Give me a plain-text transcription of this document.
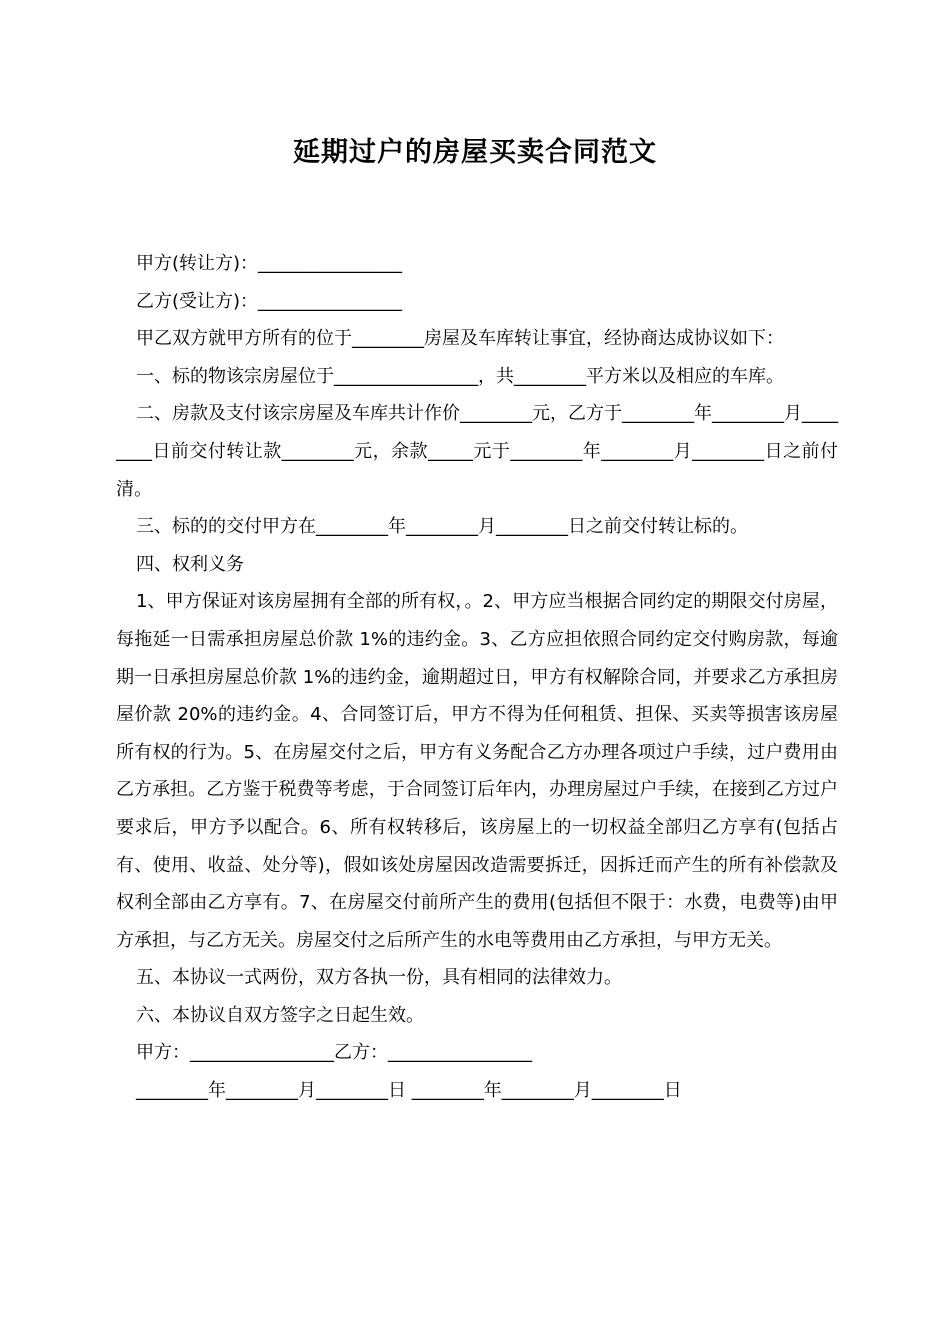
延期过户的房屋买卖合同范文

甲方(转让方)：________________

乙方(受让方)：________________

甲乙双方就甲方所有的位于________房屋及车库转让事宜，经协商达成协议如下：

一、标的物该宗房屋位于________________，共________平方米以及相应的车库。

二、房款及支付该宗房屋及车库共计作价________元，乙方于________年________月________日前交付转让款________元，余款_____元于________年________月________日之前付清。

三、标的的交付甲方在________年________月________日之前交付转让标的。

四、权利义务

1、甲方保证对该房屋拥有全部的所有权，。2、甲方应当根据合同约定的期限交付房屋，每拖延一日需承担房屋总价款 1%的违约金。3、乙方应担依照合同约定交付购房款，每逾期一日承担房屋总价款 1%的违约金，逾期超过日，甲方有权解除合同，并要求乙方承担房屋价款 20%的违约金。4、合同签订后，甲方不得为任何租赁、担保、买卖等损害该房屋所有权的行为。5、在房屋交付之后，甲方有义务配合乙方办理各项过户手续，过户费用由乙方承担。乙方鉴于税费等考虑，于合同签订后年内，办理房屋过户手续，在接到乙方过户要求后，甲方予以配合。6、所有权转移后，该房屋上的一切权益全部归乙方享有(包括占有、使用、收益、处分等)，假如该处房屋因改造需要拆迁，因拆迁而产生的所有补偿款及权利全部由乙方享有。7、在房屋交付前所产生的费用(包括但不限于：水费，电费等)由甲方承担，与乙方无关。房屋交付之后所产生的水电等费用由乙方承担，与甲方无关。

五、本协议一式两份，双方各执一份，具有相同的法律效力。

六、本协议自双方签字之日起生效。

甲方：________________乙方：________________

________年________月________日 ________年________月________日
